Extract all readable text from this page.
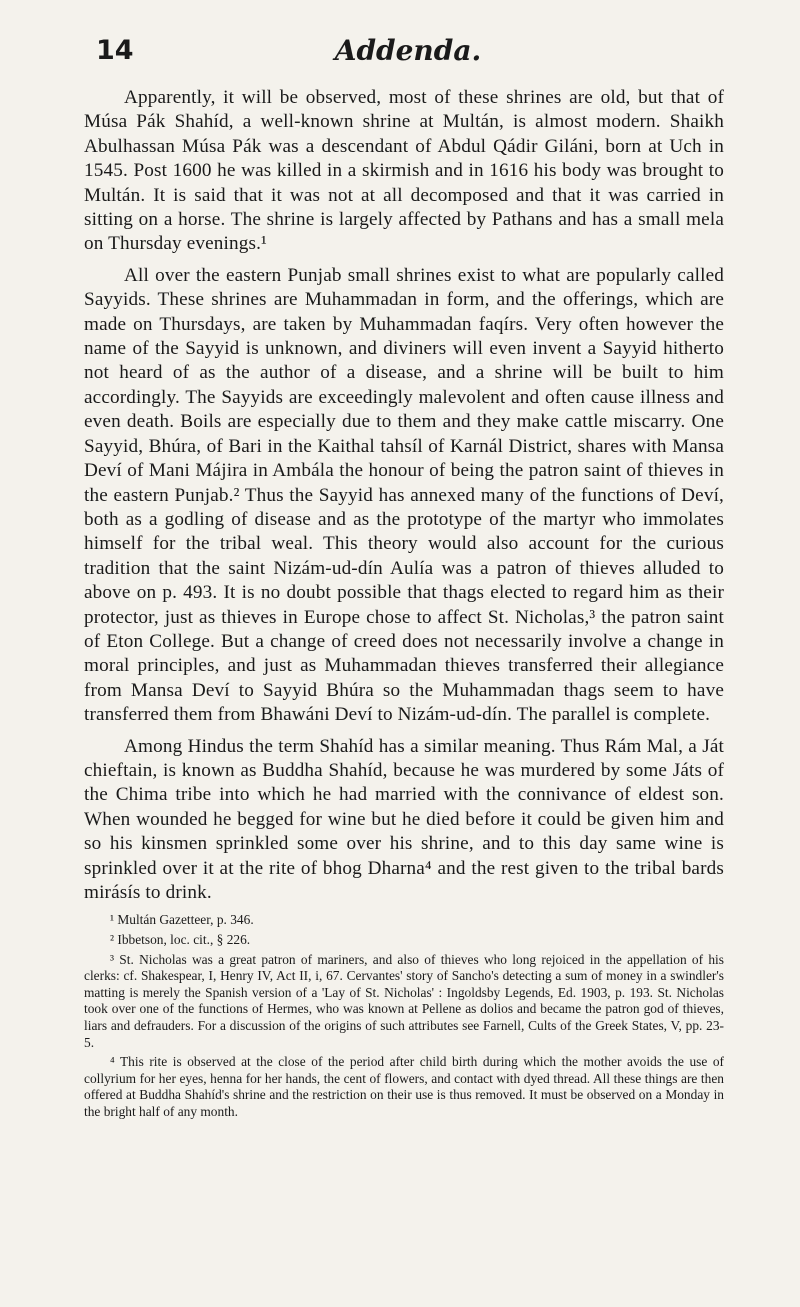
14	Addenda.

Apparently, it will be observed, most of these shrines are old, but that of Músa Pák Shahíd, a well-known shrine at Multán, is almost modern. Shaikh Abulhassan Músa Pák was a descendant of Abdul Qádir Giláni, born at Uch in 1545. Post 1600 he was killed in a skirmish and in 1616 his body was brought to Multán. It is said that it was not at all decomposed and that it was carried in sitting on a horse. The shrine is largely affected by Pathans and has a small mela on Thursday evenings.¹

All over the eastern Punjab small shrines exist to what are popularly called Sayyids. These shrines are Muhammadan in form, and the offerings, which are made on Thursdays, are taken by Muhammadan faqírs. Very often however the name of the Sayyid is unknown, and diviners will even invent a Sayyid hitherto not heard of as the author of a disease, and a shrine will be built to him accordingly. The Sayyids are exceedingly malevolent and often cause illness and even death. Boils are especially due to them and they make cattle miscarry. One Sayyid, Bhúra, of Bari in the Kaithal tahsíl of Karnál District, shares with Mansa Deví of Mani Májira in Ambála the honour of being the patron saint of thieves in the eastern Punjab.² Thus the Sayyid has annexed many of the functions of Deví, both as a godling of disease and as the prototype of the martyr who immolates himself for the tribal weal. This theory would also account for the curious tradition that the saint Nizám-ud-dín Aulía was a patron of thieves alluded to above on p. 493. It is no doubt possible that thags elected to regard him as their protector, just as thieves in Europe chose to affect St. Nicholas,³ the patron saint of Eton College. But a change of creed does not necessarily involve a change in moral principles, and just as Muhammadan thieves transferred their allegiance from Mansa Deví to Sayyid Bhúra so the Muhammadan thags seem to have transferred them from Bhawáni Deví to Nizám-ud-dín. The parallel is complete.

Among Hindus the term Shahíd has a similar meaning. Thus Rám Mal, a Ját chieftain, is known as Buddha Shahíd, because he was murdered by some Játs of the Chima tribe into which he had married with the connivance of eldest son. When wounded he begged for wine but he died before it could be given him and so his kinsmen sprinkled some over his shrine, and to this day same wine is sprinkled over it at the rite of bhog Dharna⁴ and the rest given to the tribal bards mirásís to drink.

¹ Multán Gazetteer, p. 346.

² Ibbetson, loc. cit., § 226.

³ St. Nicholas was a great patron of mariners, and also of thieves who long rejoiced in the appellation of his clerks: cf. Shakespear, I, Henry IV, Act II, i, 67. Cervantes' story of Sancho's detecting a sum of money in a swindler's matting is merely the Spanish version of a 'Lay of St. Nicholas' : Ingoldsby Legends, Ed. 1903, p. 193. St. Nicholas took over one of the functions of Hermes, who was known at Pellene as dolios and became the patron god of thieves, liars and defrauders. For a discussion of the origins of such attributes see Farnell, Cults of the Greek States, V, pp. 23-5.

⁴ This rite is observed at the close of the period after child birth during which the mother avoids the use of collyrium for her eyes, henna for her hands, the cent of flowers, and contact with dyed thread. All these things are then offered at Buddha Shahíd's shrine and the restriction on their use is thus removed. It must be observed on a Monday in the bright half of any month.
